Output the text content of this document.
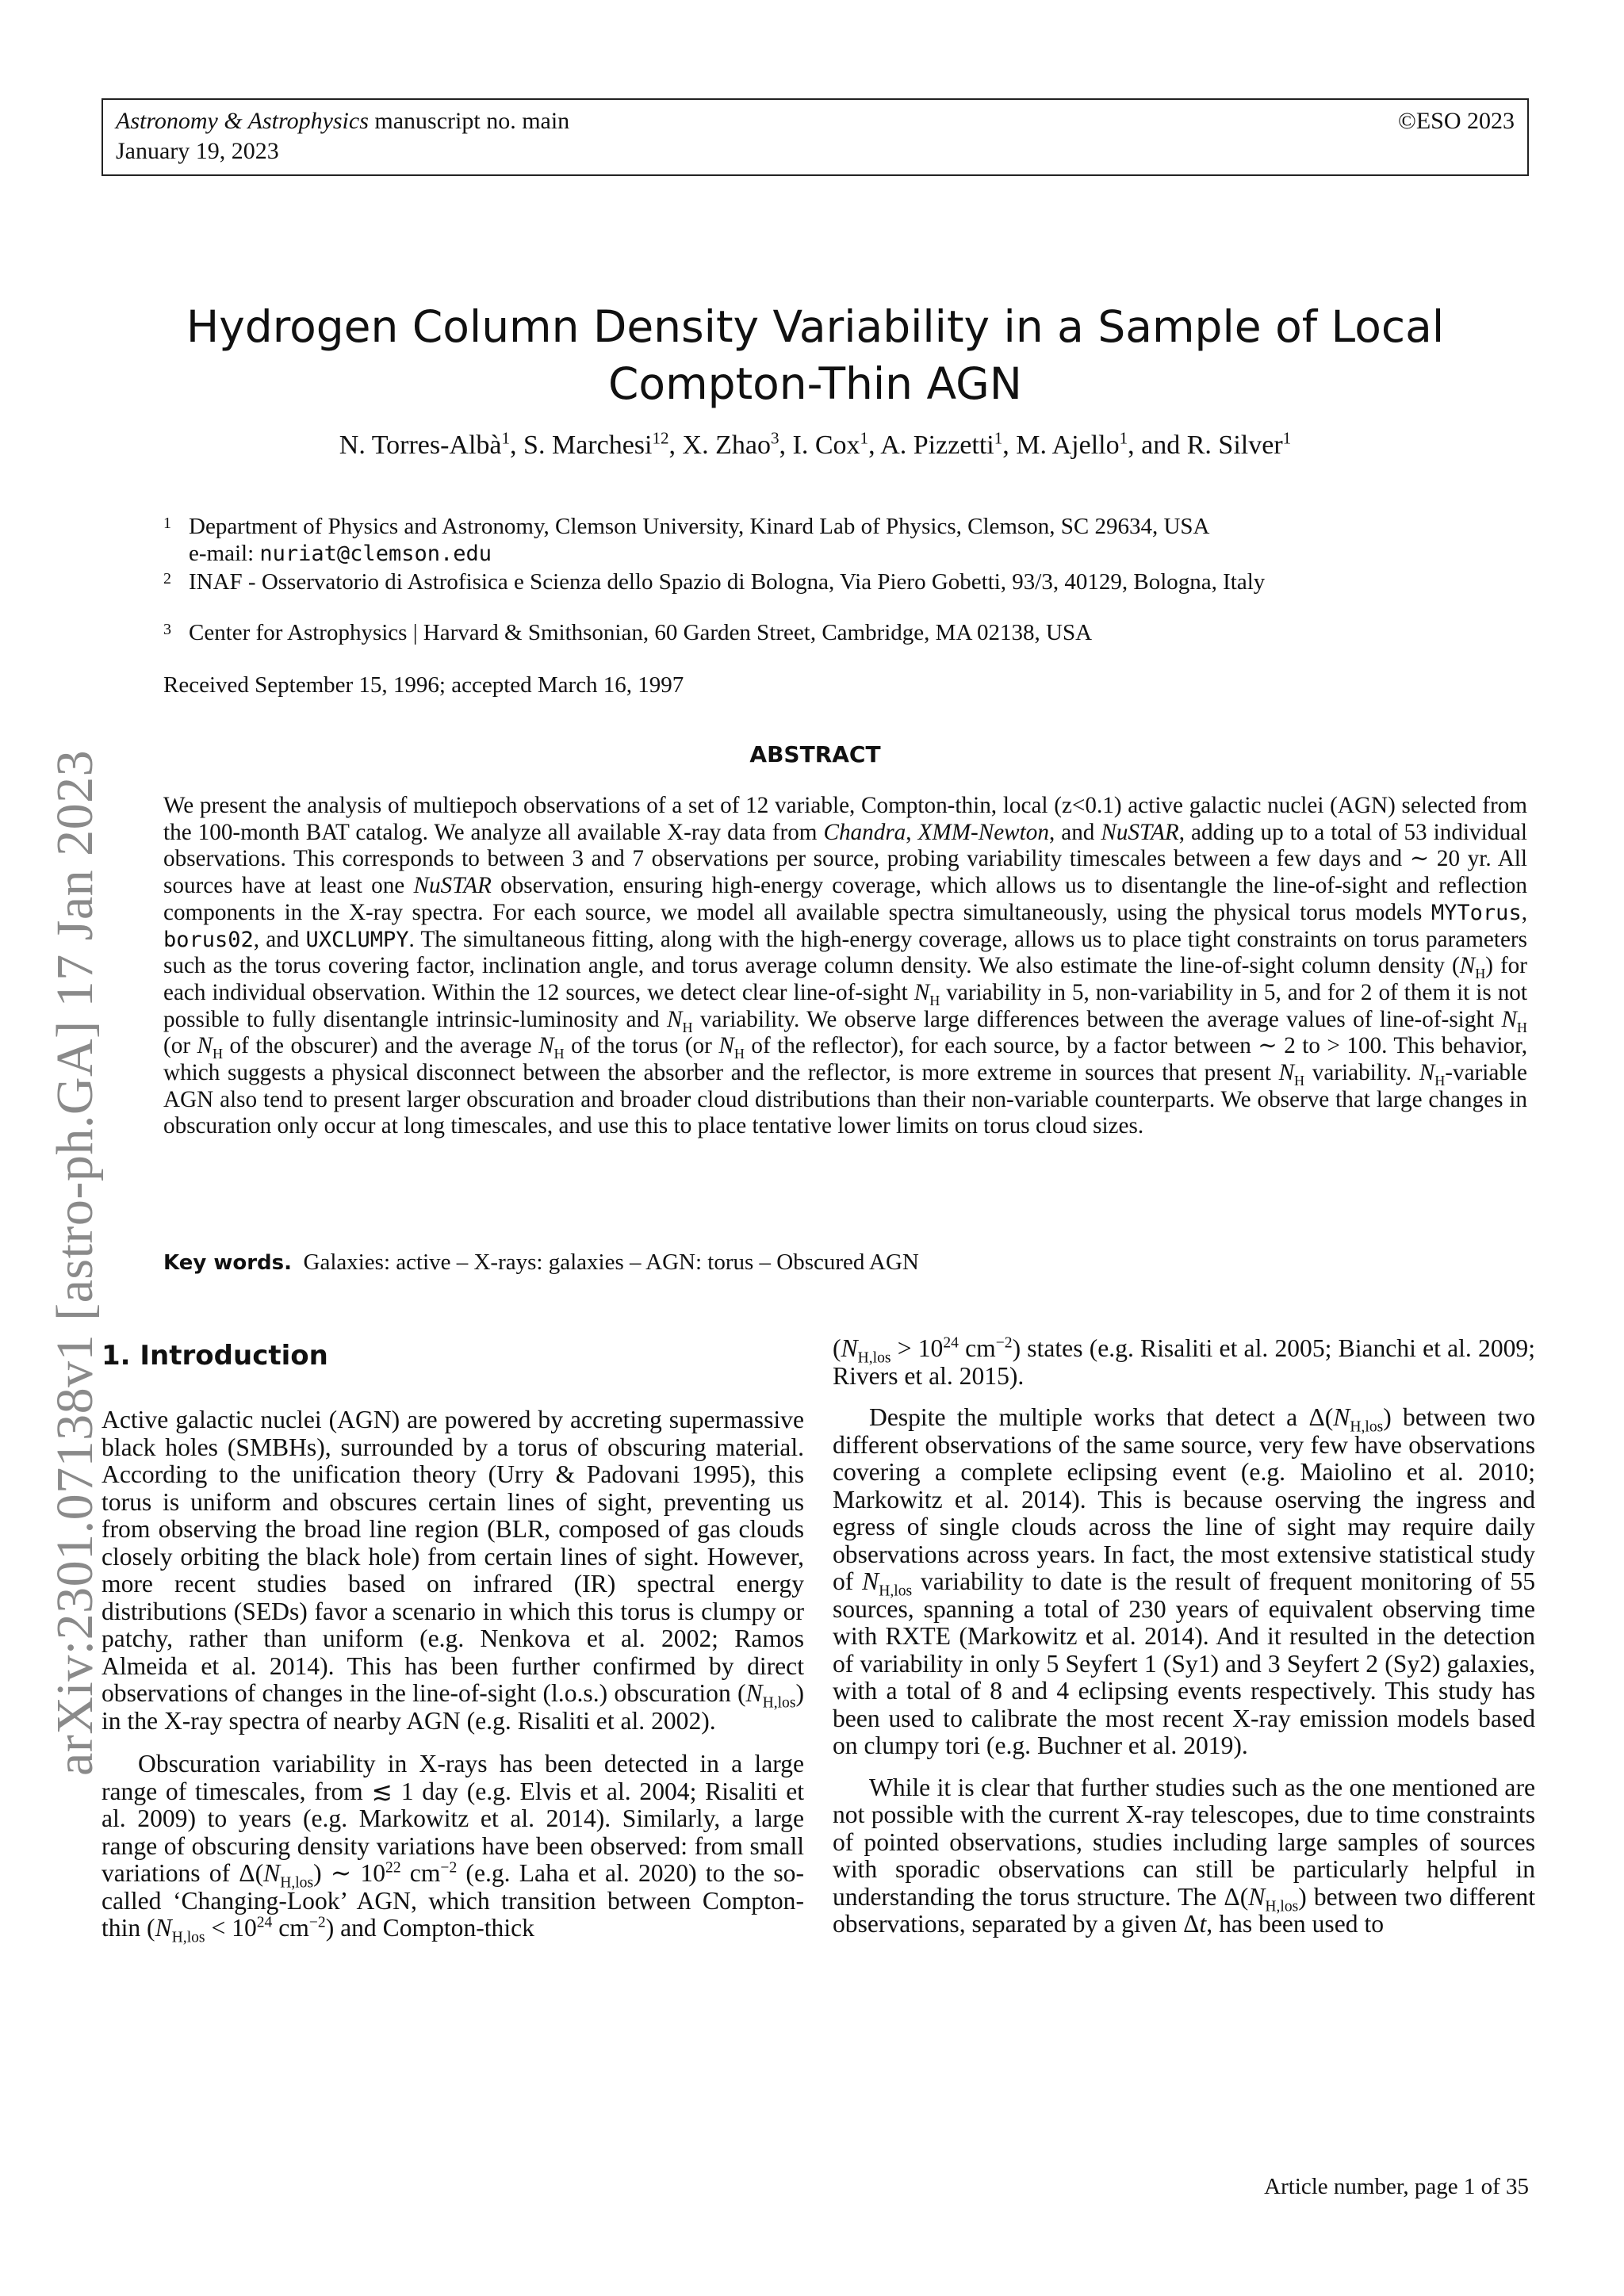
Astronomy & Astrophysics manuscript no. main
January 19, 2023
©ESO 2023
arXiv:2301.07138v1 [astro-ph.GA] 17 Jan 2023
Hydrogen Column Density Variability in a Sample of Local
Compton-Thin AGN
N. Torres-Albà$^1$, S. Marchesi$^{12}$, X. Zhao$^3$, I. Cox$^1$, A. Pizzetti$^1$, M. Ajello$^1$, and R. Silver$^1$
1 Department of Physics and Astronomy, Clemson University, Kinard Lab of Physics, Clemson, SC 29634, USA
e-mail: nuriat@clemson.edu
2 INAF - Osservatorio di Astrofisica e Scienza dello Spazio di Bologna, Via Piero Gobetti, 93/3, 40129, Bologna, Italy
3 Center for Astrophysics | Harvard & Smithsonian, 60 Garden Street, Cambridge, MA 02138, USA
Received September 15, 1996; accepted March 16, 1997
ABSTRACT

We present the analysis of multiepoch observations of a set of 12 variable, Compton-thin, local (z<0.1) active galactic nuclei (AGN) selected from the 100-month BAT catalog. We analyze all available X-ray data from Chandra, XMM-Newton, and NuSTAR, adding up to a total of 53 individual observations. This corresponds to between 3 and 7 observations per source, probing variability timescales between a few days and ∼ 20 yr. All sources have at least one NuSTAR observation, ensuring high-energy coverage, which allows us to disentangle the line-of-sight and reflection components in the X-ray spectra. For each source, we model all available spectra simultaneously, using the physical torus models MYTorus, borus02, and UXCLUMPY. The simultaneous fitting, along with the high-energy coverage, allows us to place tight constraints on torus parameters such as the torus covering factor, inclination angle, and torus average column density. We also estimate the line-of-sight column density $(N_H)$ for each individual observation. Within the 12 sources, we detect clear line-of-sight $N_H$ variability in 5, non-variability in 5, and for 2 of them it is not possible to fully disentangle intrinsic-luminosity and $N_H$ variability. We observe large differences between the average values of line-of-sight $N_H$ (or $N_H$ of the obscurer) and the average $N_H$ of the torus (or $N_H$ of the reflector), for each source, by a factor between ∼ 2 to > 100. This behavior, which suggests a physical disconnect between the absorber and the reflector, is more extreme in sources that present $N_H$ variability. $N_H$-variable AGN also tend to present larger obscuration and broader cloud distributions than their non-variable counterparts. We observe that large changes in obscuration only occur at long timescales, and use this to place tentative lower limits on torus cloud sizes.

Key words. Galaxies: active – X-rays: galaxies – AGN: torus – Obscured AGN
1. Introduction

Active galactic nuclei (AGN) are powered by accreting supermassive black holes (SMBHs), surrounded by a torus of obscuring material. According to the unification theory (Urry & Padovani 1995), this torus is uniform and obscures certain lines of sight, preventing us from observing the broad line region (BLR, composed of gas clouds closely orbiting the black hole) from certain lines of sight. However, more recent studies based on infrared (IR) spectral energy distributions (SEDs) favor a scenario in which this torus is clumpy or patchy, rather than uniform (e.g. Nenkova et al. 2002; Ramos Almeida et al. 2014). This has been further confirmed by direct observations of changes in the line-of-sight (l.o.s.) obscuration $(N_{H,los})$ in the X-ray spectra of nearby AGN (e.g. Risaliti et al. 2002).

Obscuration variability in X-rays has been detected in a large range of timescales, from ≲ 1 day (e.g. Elvis et al. 2004; Risaliti et al. 2009) to years (e.g. Markowitz et al. 2014). Similarly, a large range of obscuring density variations have been observed: from small variations of $\Delta(N_{H,los})$ ∼ $10^{22}$ $cm^{-2}$ (e.g. Laha et al. 2020) to the so-called ‘Changing-Look’ AGN, which transition between Compton-thin ($N_{H,los} < 10^{24}$ $cm^{-2}$) and Compton-thick

($N_{H,los} > 10^{24}$ $cm^{-2}$) states (e.g. Risaliti et al. 2005; Bianchi et al. 2009; Rivers et al. 2015).

Despite the multiple works that detect a $\Delta(N_{H,los})$ between two different observations of the same source, very few have observations covering a complete eclipsing event (e.g. Maiolino et al. 2010; Markowitz et al. 2014). This is because oserving the ingress and egress of single clouds across the line of sight may require daily observations across years. In fact, the most extensive statistical study of $N_{H,los}$ variability to date is the result of frequent monitoring of 55 sources, spanning a total of 230 years of equivalent observing time with RXTE (Markowitz et al. 2014). And it resulted in the detection of variability in only 5 Seyfert 1 (Sy1) and 3 Seyfert 2 (Sy2) galaxies, with a total of 8 and 4 eclipsing events respectively. This study has been used to calibrate the most recent X-ray emission models based on clumpy tori (e.g. Buchner et al. 2019).

While it is clear that further studies such as the one mentioned are not possible with the current X-ray telescopes, due to time constraints of pointed observations, studies including large samples of sources with sporadic observations can still be particularly helpful in understanding the torus structure. The $\Delta(N_{H,los})$ between two different observations, separated by a given Δt, has been used to

Article number, page 1 of 35
